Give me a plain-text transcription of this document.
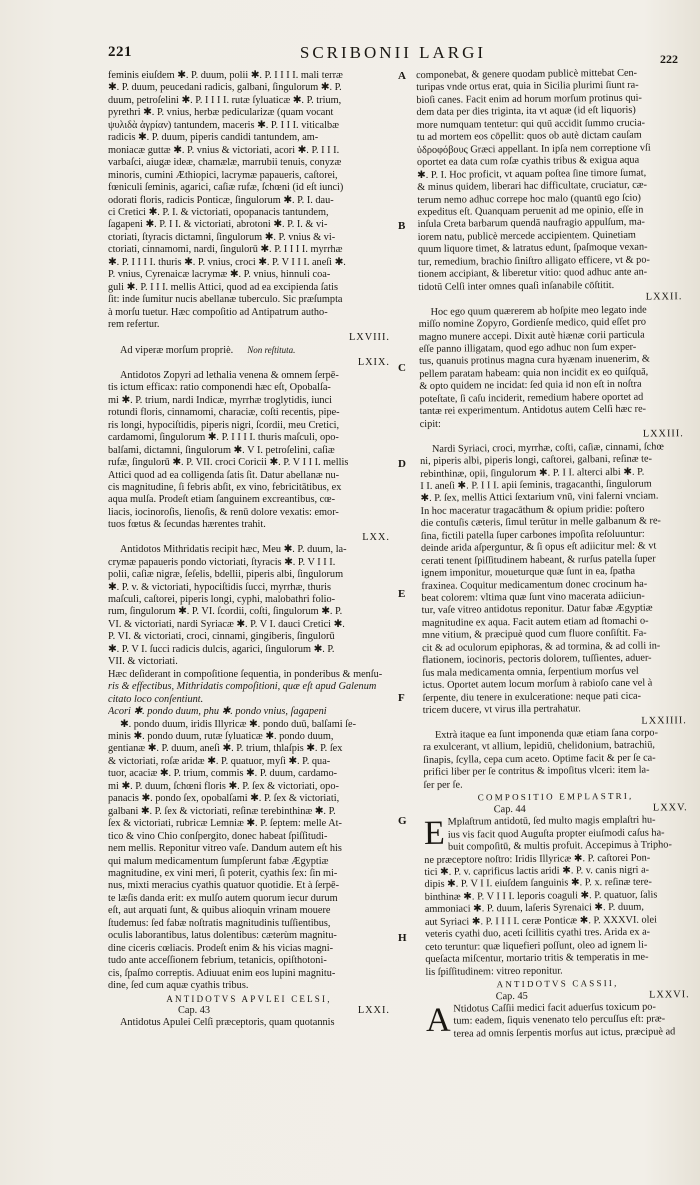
221	SCRIBONII LARGI	222

feminis eiuſdem ✱. P. duum, polii ✱. P. I I I I. mali terræ

✱. P. duum, peucedani radicis, galbani, ſingulorum ✱. P.

duum, petroſelini ✱. P. I I I I. rutæ ſyluaticæ ✱. P. trium,

pyrethri ✱. P. vnius, herbæ pedicularizæ (quam vocant

ψυλιδὰ ἀγρίαν) tantundem, maceris ✱. P. I I I. viticalbæ

radicis ✱. P. duum, piperis candidi tantundem, am-

moniacæ guttæ ✱. P. vnius & victoriati, acori ✱. P. I I I.

varbaſci, aiugæ ideæ, chamælæ, marrubii tenuis, conyzæ

minoris, cumini Æthiopici, lacrymæ papaueris, caſtorei,

fœniculi ſeminis, agarici, caſiæ rufæ, ſchœni (id eſt iunci)

odorati floris, radicis Ponticæ, ſingulorum ✱. P. I. dau-

ci Cretici ✱. P. I. & victoriati, opopanacis tantundem,

ſagapeni ✱. P. I I. & victoriati, abrotoni ✱. P. I. & vi-

ctoriati, ſtyracis dictamni, ſingulorum ✱. P. vnius & vi-

ctoriati, cinnamomi, nardi, ſingulorū ✱. P. I I I I. myrrhæ

✱. P. I I I I. thuris ✱. P. vnius, croci ✱. P. V I I I. aneſi ✱.

P. vnius, Cyrenaicæ lacrymæ ✱. P. vnius, hinnuli coa-

guli ✱. P. I I I. mellis Attici, quod ad ea excipienda ſatis

ſit: inde ſumitur nucis abellanæ tuberculo. Sic præſumpta

à morſu tuetur. Hæc compoſitio ad Antipatrum autho-

rem refertur.

LXVIII.

Ad viperæ morſum propriè. Non reſtituta.

LXIX.

Antidotos Zopyri ad lethalia venena & omnem ſerpē-

tis ictum efficax: ratio componendi hæc eſt, Opobalſa-

mi ✱. P. trium, nardi Indicæ, myrrhæ troglytidis, iunci

rotundi floris, cinnamomi, characiæ, coſti recentis, pipe-

ris longi, hypociſtidis, piperis nigri, ſcordii, meu Cretici,

cardamomi, ſingulorum ✱. P. I I I I. thuris maſculi, opo-

balſami, dictamni, ſingulorum ✱. V I. petroſelini, caſiæ

rufæ, ſingulorū ✱. P. VII. croci Coricii ✱. P. V I I I. mellis

Attici quod ad ea colligenda ſatis ſit. Datur abellanæ nu-

cis magnitudine, ſi febris abſit, ex vino, febricitātibus, ex

aqua mulſa. Prodeſt etiam ſanguinem excreantibus, cœ-

liacis, iocinoroſis, lienoſis, & renū dolore vexatis: emor-

tuos fœtus & ſecundas hærentes trahit.

LXX.

Antidotos Mithridatis recipit hæc, Meu ✱. P. duum, la-

crymæ papaueris pondo victoriati, ſtyracis ✱. P. V I I I.

polii, caſiæ nigræ, ſeſelis, bdellii, piperis albi, ſingulorum

✱. P. v. & victoriati, hypociſtidis ſucci, myrrhæ, thuris

maſculi, caſtorei, piperis longi, cyphi, malobathri folio-

rum, ſingulorum ✱. P. VI. ſcordii, coſti, ſingulorum ✱. P.

VI. & victoriati, nardi Syriacæ ✱. P. V I. dauci Cretici ✱.

P. VI. & victoriati, croci, cinnami, gingiberis, ſingulorū

✱. P. V I. ſucci radicis dulcis, agarici, ſingulorum ✱. P.

VII. & victoriati.

Hæc deſiderant in compoſitione ſequentia, in ponderibus & menſu-

ris & effectibus, Mithridatis compoſitioni, quæ eſt apud Galenum

citato loco conſentiunt.

Acori ✱. pondo duum, phu ✱. pondo vnius, ſagapeni

✱. pondo duum, iridis Illyricæ ✱. pondo duū, balſami ſe-

minis ✱. pondo duum, rutæ ſyluaticæ ✱. pondo duum,

gentianæ ✱. P. duum, aneſi ✱. P. trium, thlaſpis ✱. P. ſex

& victoriati, roſæ aridæ ✱. P. quatuor, myſi ✱. P. qua-

tuor, acaciæ ✱. P. trium, commis ✱. P. duum, cardamo-

mi ✱. P. duum, ſchœni floris ✱. P. ſex & victoriati, opo-

panacis ✱. pondo ſex, opobalſami ✱. P. ſex & victoriati,

galbani ✱. P. ſex & victoriati, reſinæ terebinthinæ ✱. P.

ſex & victoriati, rubricæ Lemniæ ✱. P. ſeptem: melle At-

tico & vino Chio conſpergito, donec habeat ſpiſſitudi-

nem mellis. Reponitur vitreo vaſe. Dandum autem eſt his

qui malum medicamentum ſumpſerunt fabæ Ægyptiæ

magnitudine, ex vini meri, ſi poterit, cyathis ſex: ſin mi-

nus, mixti meracius cyathis quatuor quotidie. Et à ſerpē-

te læſis danda erit: ex mulſo autem quorum iecur durum

eſt, aut arquati ſunt, & quibus alioquin vrinam mouere

ſtudemus: ſed fabæ noſtratis magnitudinis tuſſientibus,

oculis laborantibus, latus dolentibus: cæterùm magnitu-

dine ciceris cœliacis. Prodeſt enim & his vicias magni-

tudo ante acceſſionem febrium, tetanicis, opiſthotoni-

cis, ſpaſmo correptis. Adiuuat enim eos lupini magnitu-

dine, ſed cum aquæ cyathis tribus.

ANTIDOTVS APVLEI CELSI,

Cap. 43	LXXI.

Antidotus Apulei Celſi præceptoris, quam quotannis

A
B
C
D
E
F
G
H

componebat, & genere quodam publicè mittebat Cen-

turipas vnde ortus erat, quia in Sicilia plurimi ſiunt ra-

bioſi canes. Facit enim ad horum morſum protinus qui-

dem data per dies triginta, ita vt aquæ (id eſt liquoris)

more numquam tentetur: qui quū accidit ſummo crucia-

tu ad mortem eos cōpellit: quos ob autè dictam cauſam

ὑδροφόβους Græci appellant. In ipſa nem correptione vſi

oportet ea data cum roſæ cyathis tribus & exigua aqua

✱. P. I. Hoc proficit, vt aquam poſtea ſine timore ſumat,

& minus quidem, liberari hac difficultate, cruciatur, cæ-

terum nemo adhuc correpe hoc malo (quantū ego ſcio)

expeditus eſt. Quanquam peruenit ad me opinio, eſſe in

inſula Creta barbarum quendā naufragio appulſum, ma-

iorem natu, publicè mercede accipientem. Quinetiam

quum liquore timet, & latratus edunt, ſpaſmoque vexan-

tur, remedium, brachio ſiniſtro alligato efficere, vt & po-

tionem accipiant, & liberetur vitio: quod adhuc ante an-

tidotū Celſi inter omnes quaſi inſanabile cōſtitit.

LXXII.

Hoc ego quum quærerem ab hoſpite meo legato inde

miſſo nomine Zopyro, Gordienſe medico, quid eſſet pro

magno munere accepi. Dixit autè hiænæ corii particula

eſſe panno illigatam, quod ego adhuc non ſum exper-

tus, quanuis protinus magna cura hyænam inuenerim, &

pellem paratam habeam: quia non incidit ex eo quiſquā,

& opto quidem ne incidat: ſed quia id non eſt in noſtra

poteſtate, ſi caſu inciderit, remedium habere oportet ad

tantæ rei experimentum. Antidotus autem Celſi hæc re-

cipit:

LXXIII.

Nardi Syriaci, croci, myrrhæ, coſti, caſiæ, cinnami, ſchœ

ni, piperis albi, piperis longi, caſtorei, galbani, reſinæ te-

rebinthinæ, opii, ſingulorum ✱. P. I I. alterci albi ✱. P.

I I. aneſi ✱. P. I I I. apii ſeminis, tragacanthi, ſingulorum

✱. P. ſex, mellis Attici ſextarium vnū, vini falerni vnciam.

In hoc maceratur tragacāthum & opium pridie: poſtero

die contuſis cæteris, ſimul terūtur in melle galbanum & re-

ſina, fictili patella ſuper carbones impoſita reſoluuntur:

deinde arida aſperguntur, & ſi opus eſt adiicitur mel: & vt

cerati tenent ſpiſſitudinem habeant, & rurſus patella ſuper

ignem imponitur, moueturque quæ ſunt in ea, ſpatha

fraxinea. Coquitur medicamentum donec crocinum ha-

beat colorem: vltima quæ ſunt vino macerata adiiciun-

tur, vaſe vitreo antidotus reponitur. Datur fabæ Ægyptiæ

magnitudine ex aqua. Facit autem etiam ad ſtomachi o-

mne vitium, & præcipuè quod cum fluore conſiſtit. Fa-

cit & ad oculorum epiphoras, & ad tormina, & ad colli in-

flationem, iocinoris, pectoris dolorem, tuſſientes, aduer-

ſus mala medicamenta omnia, ſerpentium morſus vel

ictus. Oportet autem locum morſum à rabioſo cane vel à

ſerpente, diu tenere in exulceratione: neque pati cica-

tricem ducere, vt virus illa pertrahatur.

LXXIIII.

Extrà itaque ea ſunt imponenda quæ etiam ſana corpo-

ra exulcerant, vt allium, lepidiū, chelidonium, batrachiū,

ſinapis, ſcylla, cepa cum aceto. Optime facit & per ſe ca-

prifici liber per ſe contritus & impoſitus vlceri: item la-

ſer per ſe.

COMPOSITIO EMPLASTRI,

Cap. 44	LXXV.

E Mplaſtrum antidotū, ſed multo magis emplaſtri hu-

ius vis facit quod Auguſta propter eiuſmodi caſus ha-

buit compoſitū, & multis profuit. Accepimus à Tripho-

ne præceptore noſtro: Iridis Illyricæ ✱. P. caſtorei Pon-

tici ✱. P. v. caprificus lactis aridi ✱. P. v. canis nigri a-

dipis ✱. P. V I I. eiuſdem ſanguinis ✱. P. x. reſinæ tere-

binthinæ ✱. P. V I I I. leporis coaguli ✱. P. quatuor, ſalis

ammoniaci ✱. P. duum, laſeris Syrenaici ✱. P. duum,

aut Syriaci ✱. P. I I I I. ceræ Ponticæ ✱. P. XXXVI. olei

veteris cyathi duo, aceti ſcillitis cyathi tres. Arida ex a-

ceto teruntur: quæ liquefieri poſſunt, oleo ad ignem li-

queſacta miſcentur, mortario tritis & temperatis in me-

lis ſpiſſitudinem: vitreo reponitur.

ANTIDOTVS CASSII,

Cap. 45	LXXVI.

A Ntidotus Caſſii medici facit aduerſus toxicum po-

tum: eadem, ſiquis venenato telo percuſſus eſt: præ-

terea ad omnis ſerpentis morſus aut ictus, præcipuè ad
